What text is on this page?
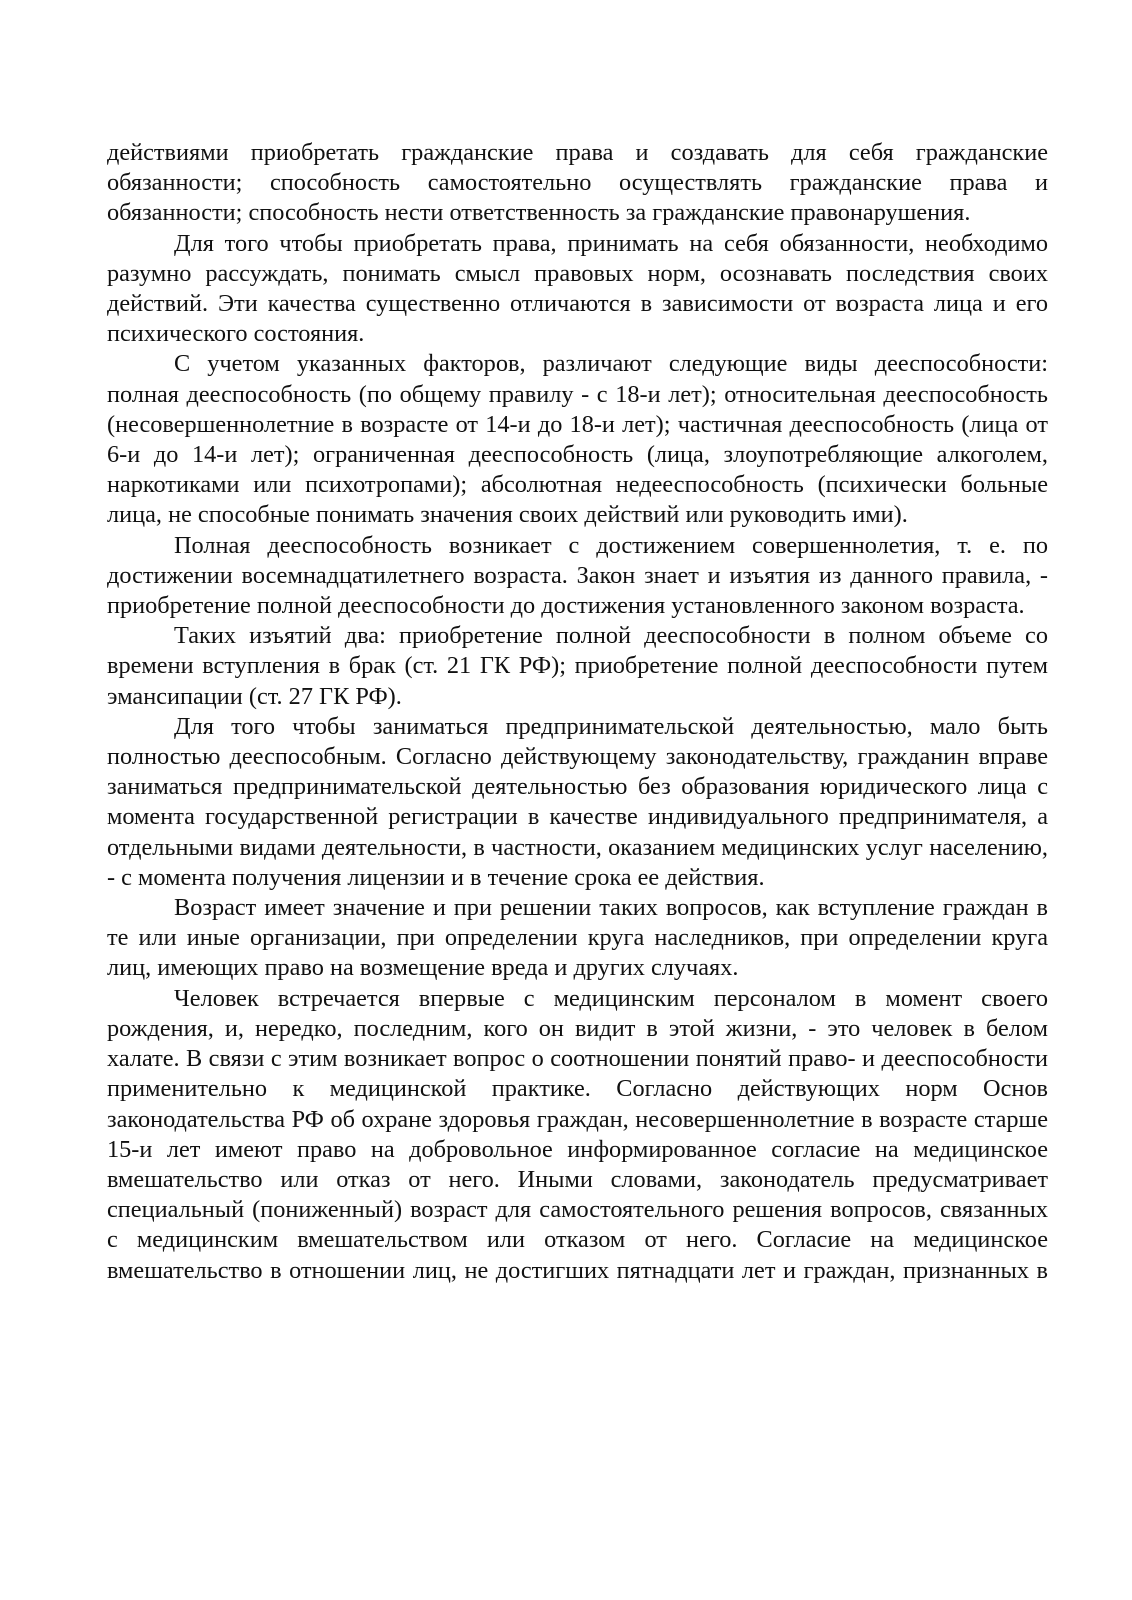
действиями приобретать гражданские права и создавать для себя гражданские обязанности; способность самостоятельно осуществлять гражданские права и обязанности; способность нести ответственность за гражданские правонарушения.

Для того чтобы приобретать права, принимать на себя обязанности, необходимо разумно рассуждать, понимать смысл правовых норм, осознавать последствия своих действий. Эти качества существенно отличаются в зависимости от возраста лица и его психического состояния.

С учетом указанных факторов, различают следующие виды дееспособности: полная дееспособность (по общему правилу - с 18-и лет); относительная дееспособность (несовершеннолетние в возрасте от 14-и до 18-и лет); частичная дееспособность (лица от 6-и до 14-и лет); ограниченная дееспособность (лица, злоупотребляющие алкоголем, наркотиками или психотропами); абсолютная недееспособность (психически больные лица, не способные понимать значения своих действий или руководить ими).

Полная дееспособность возникает с достижением совершеннолетия, т. е. по достижении восемнадцатилетнего возраста. Закон знает и изъятия из данного правила, - приобретение полной дееспособности до достижения установленного законом возраста.

Таких изъятий два: приобретение полной дееспособности в полном объеме со времени вступления в брак (ст. 21 ГК РФ); приобретение полной дееспособности путем эмансипации (ст. 27 ГК РФ).

Для того чтобы заниматься предпринимательской деятельностью, мало быть полностью дееспособным. Согласно действующему законодательству, гражданин вправе заниматься предпринимательской деятельностью без образования юридического лица с момента государственной регистрации в качестве индивидуального предпринимателя, а отдельными видами деятельности, в частности, оказанием медицинских услуг населению, - с момента получения лицензии и в течение срока ее действия.

Возраст имеет значение и при решении таких вопросов, как вступление граждан в те или иные организации, при определении круга наследников, при определении круга лиц, имеющих право на возмещение вреда и других случаях.

Человек встречается впервые с медицинским персоналом в момент своего рождения, и, нередко, последним, кого он видит в этой жизни, - это человек в белом халате. В связи с этим возникает вопрос о соотношении понятий право- и дееспособности применительно к медицинской практике. Согласно действующих норм Основ законодательства РФ об охране здоровья граждан, несовершеннолетние в возрасте старше 15-и лет имеют право на добровольное информированное согласие на медицинское вмешательство или отказ от него. Иными словами, законодатель предусматривает специальный (пониженный) возраст для самостоятельного решения вопросов, связанных с медицинским вмешательством или отказом от него. Согласие на медицинское вмешательство в отношении лиц, не достигших пятнадцати лет и граждан, признанных в
